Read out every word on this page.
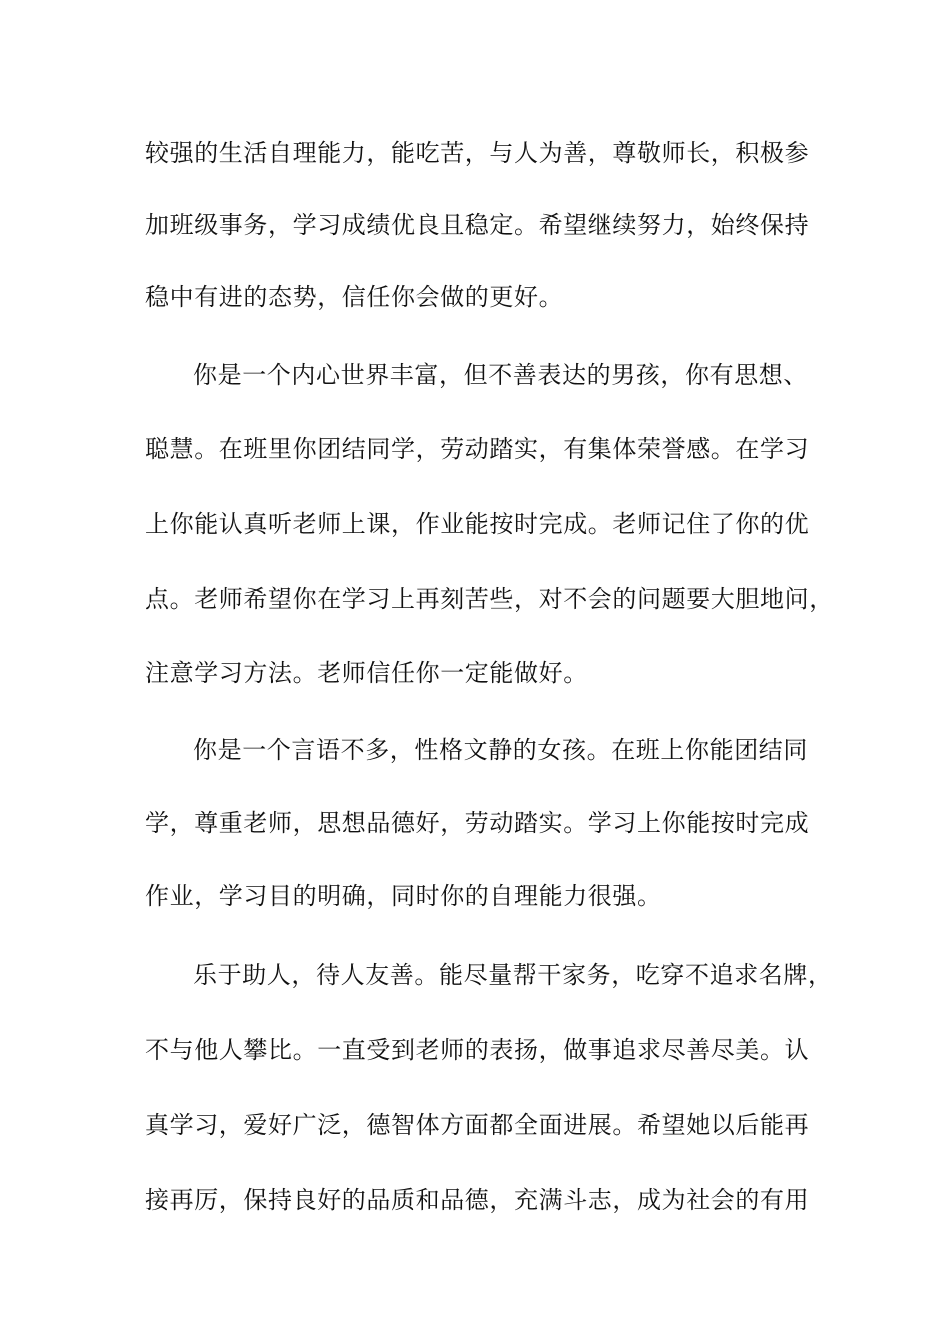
较强的生活自理能力，能吃苦，与人为善，尊敬师长，积极参
加班级事务，学习成绩优良且稳定。希望继续努力，始终保持
稳中有进的态势，信任你会做的更好。
你是一个内心世界丰富，但不善表达的男孩，你有思想、
聪慧。在班里你团结同学，劳动踏实，有集体荣誉感。在学习
上你能认真听老师上课，作业能按时完成。老师记住了你的优
点。老师希望你在学习上再刻苦些，对不会的问题要大胆地问，
注意学习方法。老师信任你一定能做好。
你是一个言语不多，性格文静的女孩。在班上你能团结同
学，尊重老师，思想品德好，劳动踏实。学习上你能按时完成
作业，学习目的明确，同时你的自理能力很强。
乐于助人，待人友善。能尽量帮干家务，吃穿不追求名牌，
不与他人攀比。一直受到老师的表扬，做事追求尽善尽美。认
真学习，爱好广泛，德智体方面都全面进展。希望她以后能再
接再厉，保持良好的品质和品德，充满斗志，成为社会的有用
